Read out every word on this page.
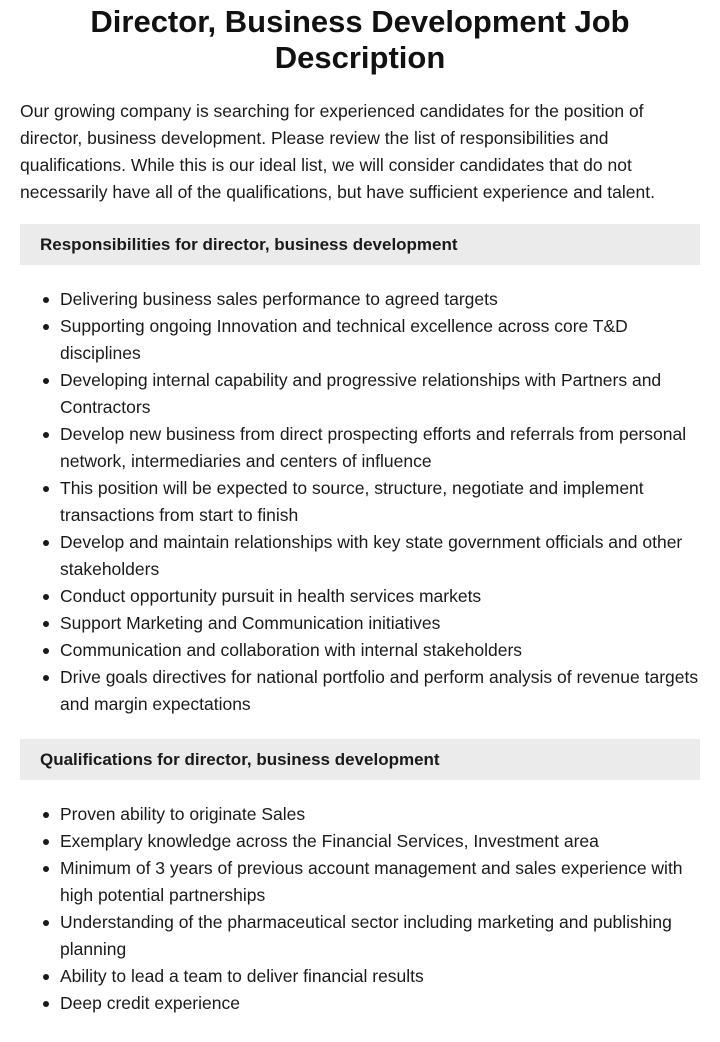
Director, Business Development Job Description

Our growing company is searching for experienced candidates for the position of director, business development. Please review the list of responsibilities and qualifications. While this is our ideal list, we will consider candidates that do not necessarily have all of the qualifications, but have sufficient experience and talent.

Responsibilities for director, business development
Delivering business sales performance to agreed targets
Supporting ongoing Innovation and technical excellence across core T&D disciplines
Developing internal capability and progressive relationships with Partners and Contractors
Develop new business from direct prospecting efforts and referrals from personal network, intermediaries and centers of influence
This position will be expected to source, structure, negotiate and implement transactions from start to finish
Develop and maintain relationships with key state government officials and other stakeholders
Conduct opportunity pursuit in health services markets
Support Marketing and Communication initiatives
Communication and collaboration with internal stakeholders
Drive goals directives for national portfolio and perform analysis of revenue targets and margin expectations
Qualifications for director, business development
Proven ability to originate Sales
Exemplary knowledge across the Financial Services, Investment area
Minimum of 3 years of previous account management and sales experience with high potential partnerships
Understanding of the pharmaceutical sector including marketing and publishing planning
Ability to lead a team to deliver financial results
Deep credit experience
